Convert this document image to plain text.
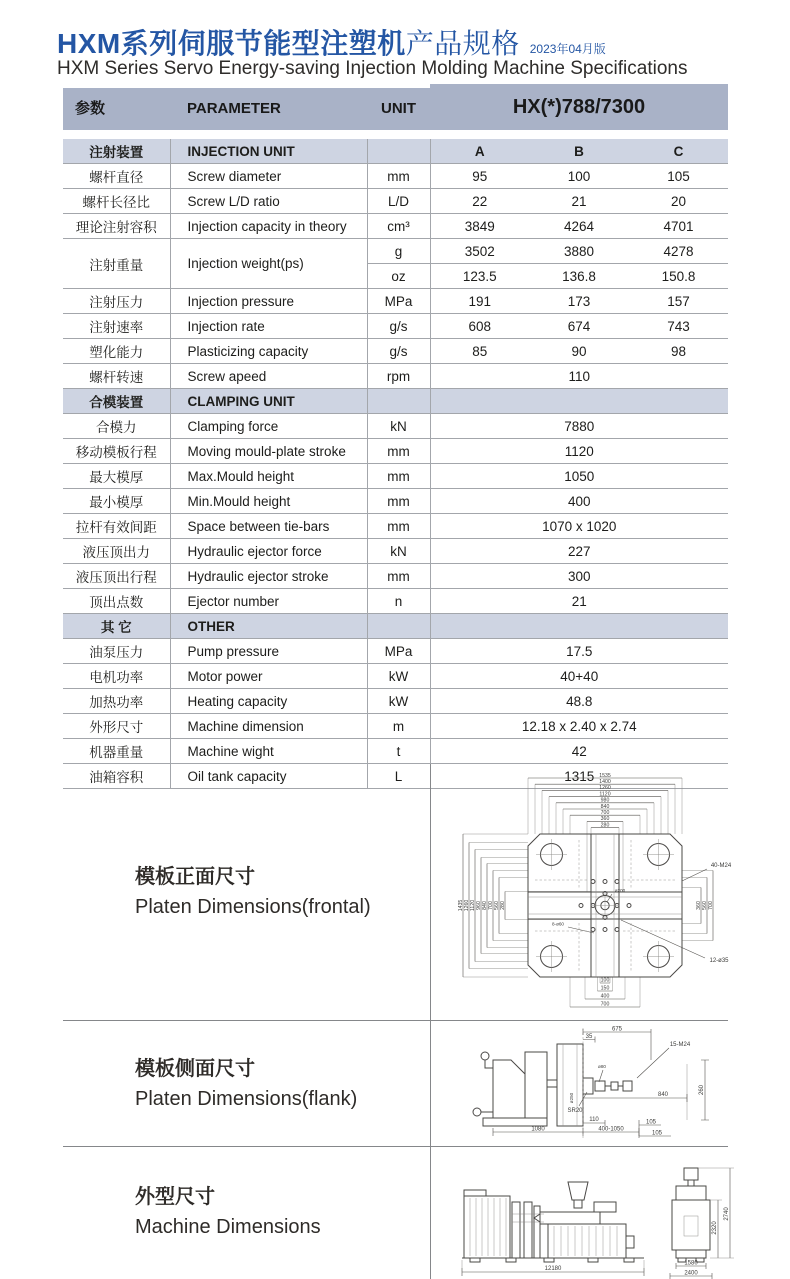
HXM系列伺服节能型注塑机产品规格 2023年04月版
HXM Series Servo Energy-saving Injection Molding Machine Specifications
参数	PARAMETER	UNIT	HX(*)788/7300
注射装置	INJECTION UNIT		A	B	C
螺杆直径	Screw diameter	mm	95	100	105
螺杆长径比	Screw L/D ratio	L/D	22	21	20
理论注射容积	Injection capacity in theory	cm³	3849	4264	4701
注射重量	Injection weight(ps)	g	3502	3880	4278
		oz	123.5	136.8	150.8
注射压力	Injection pressure	MPa	191	173	157
注射速率	Injection rate	g/s	608	674	743
塑化能力	Plasticizing capacity	g/s	85	90	98
螺杆转速	Screw apeed	rpm	110		
合模装置	CLAMPING UNIT				
合模力	Clamping force	kN	7880		
移动模板行程	Moving mould-plate stroke	mm	1120		
最大模厚	Max.Mould height	mm	1050		
最小模厚	Min.Mould height	mm	400		
拉杆有效间距	Space between tie-bars	mm	1070 x 1020		
液压顶出力	Hydraulic ejector force	kN	227		
液压顶出行程	Hydraulic ejector stroke	mm	300		
顶出点数	Ejector number	n	21		
其 它	OTHER				
油泵压力	Pump pressure	MPa	17.5		
电机功率	Motor power	kW	40+40		
加热功率	Heating capacity	kW	48.8		
外形尺寸	Machine dimension	m	12.18 x 2.40 x 2.74		
机器重量	Machine wight	t	42		
油箱容积	Oil tank capacity	L	1315		
模板正面尺寸
Platen Dimensions(frontal)
模板侧面尺寸
Platen Dimensions(flank)
外型尺寸
Machine Dimensions
1535
1400
1260
1120
980
840
700
360
280
1435 1260 1120 960 840 700 560 280
100
150
400
700
360 560 700
40-M24
12-ø35
8-ø60
ø200
675
35
15-M24
ø80
ø250
SR20
840	260
110
1080	400-1050
105
105
12180
2320
2740
1580
2400
